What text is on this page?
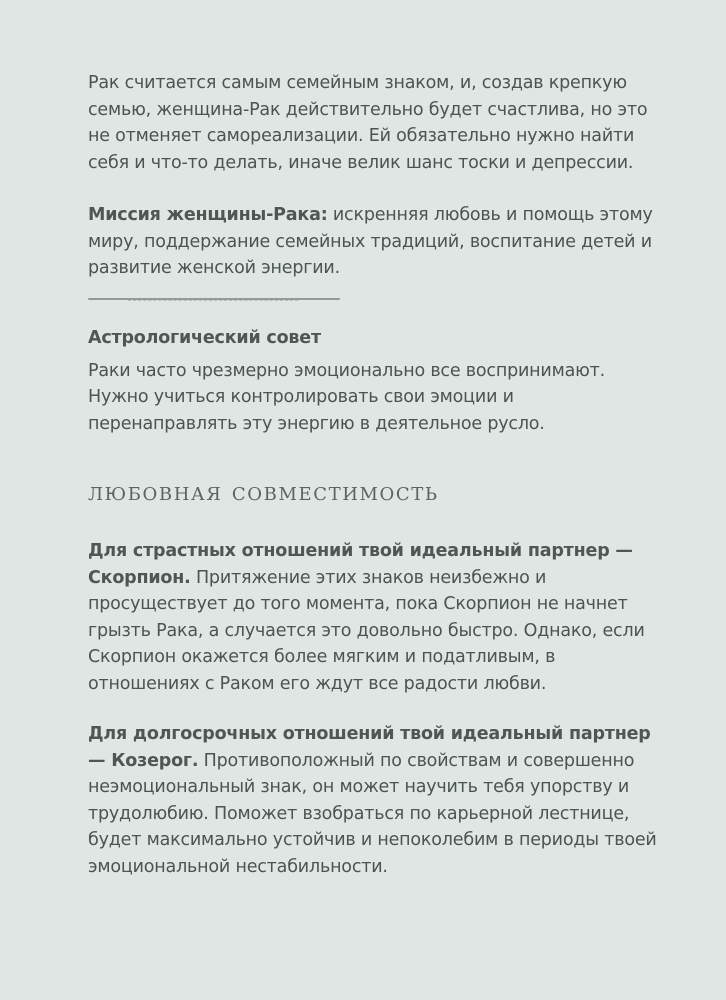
Рак считается самым семейным знаком, и, создав крепкую семью, женщина-Рак действительно будет счастлива, но это не отменяет самореализации. Ей обязательно нужно найти себя и что-то делать, иначе велик шанс тоски и депрессии.

Миссия женщины-Рака: искренняя любовь и помощь этому миру, поддержание семейных традиций, воспитание детей и развитие женской энергии.

Астрологический совет

Раки часто чрезмерно эмоционально все воспринимают. Нужно учиться контролировать свои эмоции и перенаправлять эту энергию в деятельное русло.

любовная совместимость

Для страстных отношений твой идеальный партнер — Скорпион. Притяжение этих знаков неизбежно и просуществует до того момента, пока Скорпион не начнет грызть Рака, а случается это довольно быстро. Однако, если Скорпион окажется более мягким и податливым, в отношениях с Раком его ждут все радости любви.

Для долгосрочных отношений твой идеальный партнер — Козерог. Противоположный по свойствам и совершенно неэмоциональный знак, он может научить тебя упорству и трудолюбию. Поможет взобраться по карьерной лестнице, будет максимально устойчив и непоколебим в периоды твоей эмоциональной нестабильности.
